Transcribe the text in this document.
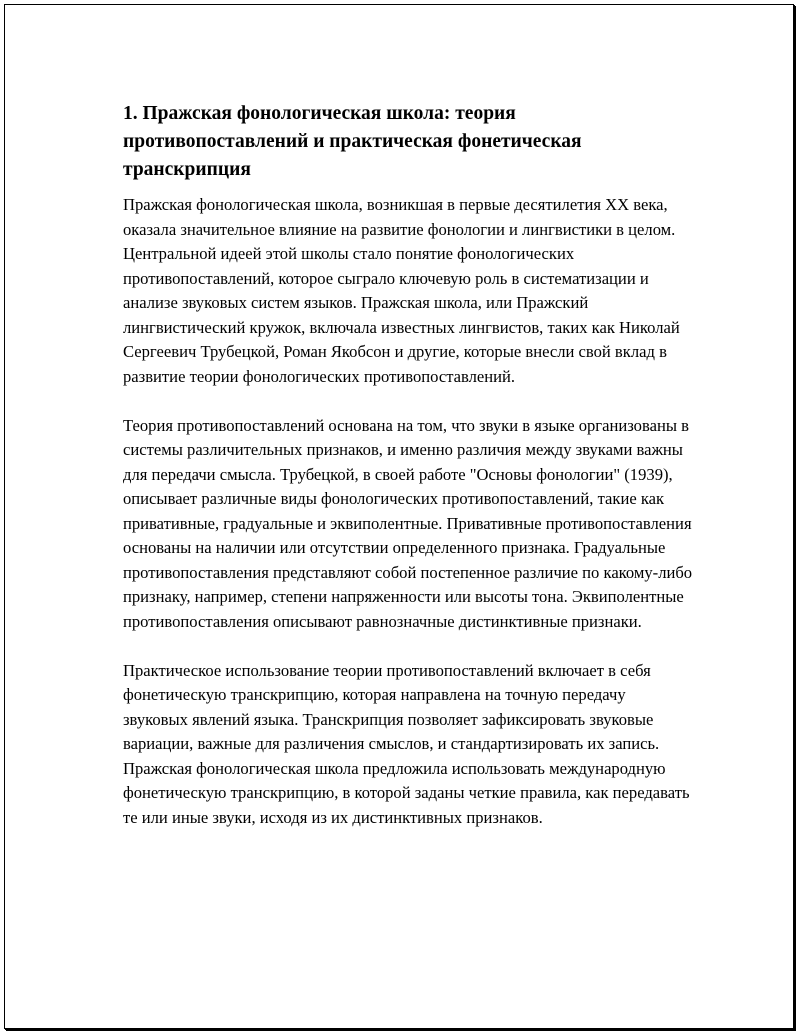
1. Пражская фонологическая школа: теория противопоставлений и практическая фонетическая транскрипция

Пражская фонологическая школа, возникшая в первые десятилетия XX века, оказала значительное влияние на развитие фонологии и лингвистики в целом. Центральной идеей этой школы стало понятие фонологических противопоставлений, которое сыграло ключевую роль в систематизации и анализе звуковых систем языков. Пражская школа, или Пражский лингвистический кружок, включала известных лингвистов, таких как Николай Сергеевич Трубецкой, Роман Якобсон и другие, которые внесли свой вклад в развитие теории фонологических противопоставлений.

Теория противопоставлений основана на том, что звуки в языке организованы в системы различительных признаков, и именно различия между звуками важны для передачи смысла. Трубецкой, в своей работе "Основы фонологии" (1939), описывает различные виды фонологических противопоставлений, такие как привативные, градуальные и эквиполентные. Привативные противопоставления основаны на наличии или отсутствии определенного признака. Градуальные противопоставления представляют собой постепенное различие по какому-либо признаку, например, степени напряженности или высоты тона. Эквиполентные противопоставления описывают равнозначные дистинктивные признаки.

Практическое использование теории противопоставлений включает в себя фонетическую транскрипцию, которая направлена на точную передачу звуковых явлений языка. Транскрипция позволяет зафиксировать звуковые вариации, важные для различения смыслов, и стандартизировать их запись. Пражская фонологическая школа предложила использовать международную фонетическую транскрипцию, в которой заданы четкие правила, как передавать те или иные звуки, исходя из их дистинктивных признаков.
